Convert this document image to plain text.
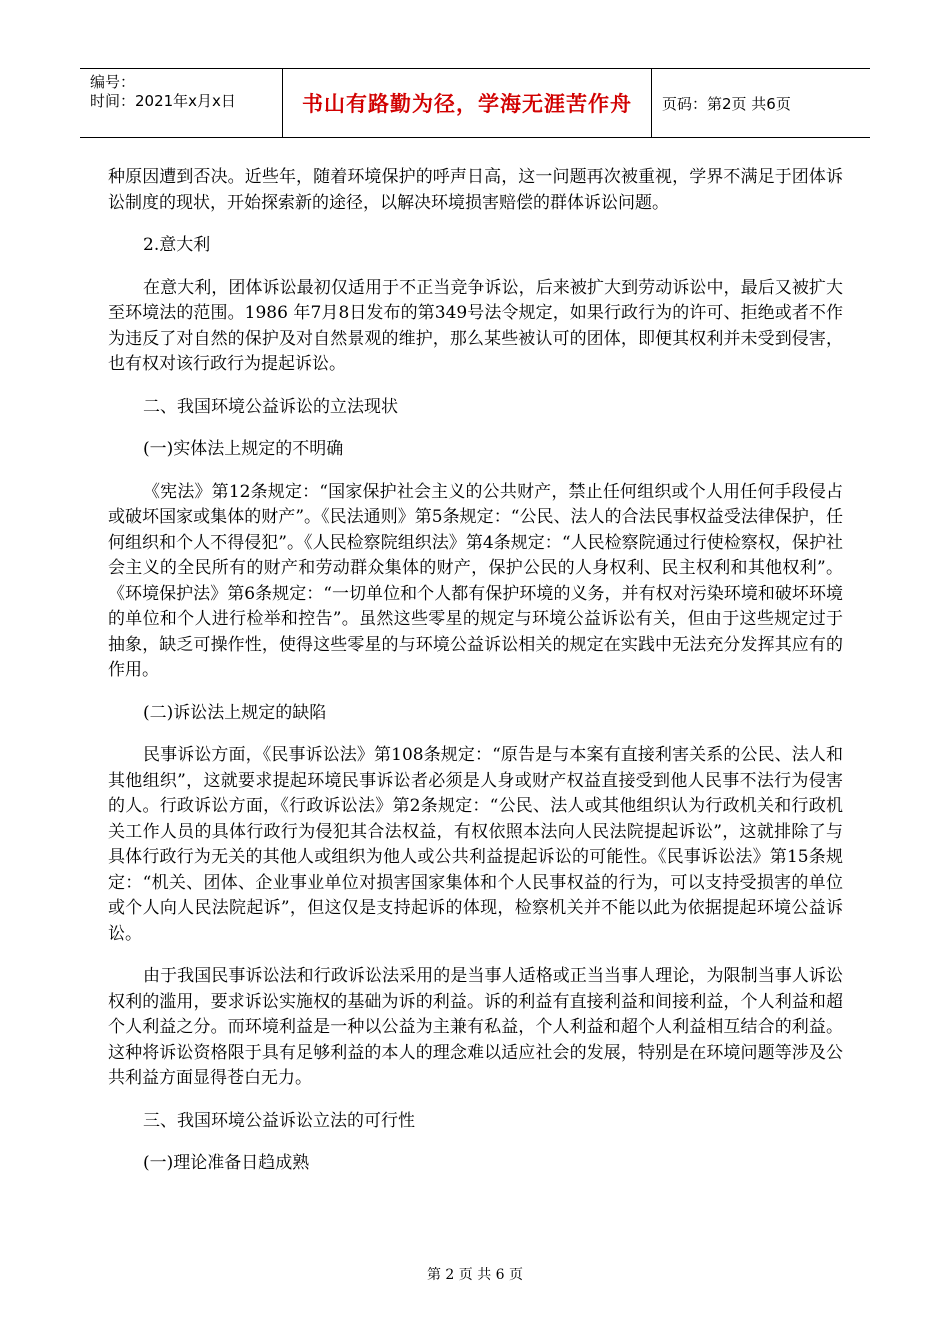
编号：
时间：2021年x月x日	书山有路勤为径，学海无涯苦作舟 页码：第2页 共6页

种原因遭到否决。近些年，随着环境保护的呼声日高，这一问题再次被重视，学界不满足于团体诉讼制度的现状，开始探索新的途径，以解决环境损害赔偿的群体诉讼问题。

2.意大利

在意大利，团体诉讼最初仅适用于不正当竞争诉讼，后来被扩大到劳动诉讼中，最后又被扩大至环境法的范围。1986 年7月8日发布的第349号法令规定，如果行政行为的许可、拒绝或者不作为违反了对自然的保护及对自然景观的维护，那么某些被认可的团体，即便其权利并未受到侵害，也有权对该行政行为提起诉讼。

二、我国环境公益诉讼的立法现状

(一)实体法上规定的不明确

《宪法》第12条规定：“国家保护社会主义的公共财产，禁止任何组织或个人用任何手段侵占或破坏国家或集体的财产”。《民法通则》第5条规定：“公民、法人的合法民事权益受法律保护，任何组织和个人不得侵犯”。《人民检察院组织法》第4条规定：“人民检察院通过行使检察权，保护社会主义的全民所有的财产和劳动群众集体的财产，保护公民的人身权利、民主权利和其他权利”。《环境保护法》第6条规定：“一切单位和个人都有保护环境的义务，并有权对污染环境和破坏环境的单位和个人进行检举和控告”。虽然这些零星的规定与环境公益诉讼有关，但由于这些规定过于抽象，缺乏可操作性，使得这些零星的与环境公益诉讼相关的规定在实践中无法充分发挥其应有的作用。

(二)诉讼法上规定的缺陷

民事诉讼方面，《民事诉讼法》第108条规定：“原告是与本案有直接利害关系的公民、法人和其他组织”，这就要求提起环境民事诉讼者必须是人身或财产权益直接受到他人民事不法行为侵害的人。行政诉讼方面，《行政诉讼法》第2条规定：“公民、法人或其他组织认为行政机关和行政机关工作人员的具体行政行为侵犯其合法权益，有权依照本法向人民法院提起诉讼”，这就排除了与具体行政行为无关的其他人或组织为他人或公共利益提起诉讼的可能性。《民事诉讼法》第15条规定：“机关、团体、企业事业单位对损害国家集体和个人民事权益的行为，可以支持受损害的单位或个人向人民法院起诉”，但这仅是支持起诉的体现，检察机关并不能以此为依据提起环境公益诉讼。

由于我国民事诉讼法和行政诉讼法采用的是当事人适格或正当当事人理论，为限制当事人诉讼权利的滥用，要求诉讼实施权的基础为诉的利益。诉的利益有直接利益和间接利益，个人利益和超个人利益之分。而环境利益是一种以公益为主兼有私益，个人利益和超个人利益相互结合的利益。这种将诉讼资格限于具有足够利益的本人的理念难以适应社会的发展，特别是在环境问题等涉及公共利益方面显得苍白无力。

三、我国环境公益诉讼立法的可行性

(一)理论准备日趋成熟

第 2 页 共 6 页
